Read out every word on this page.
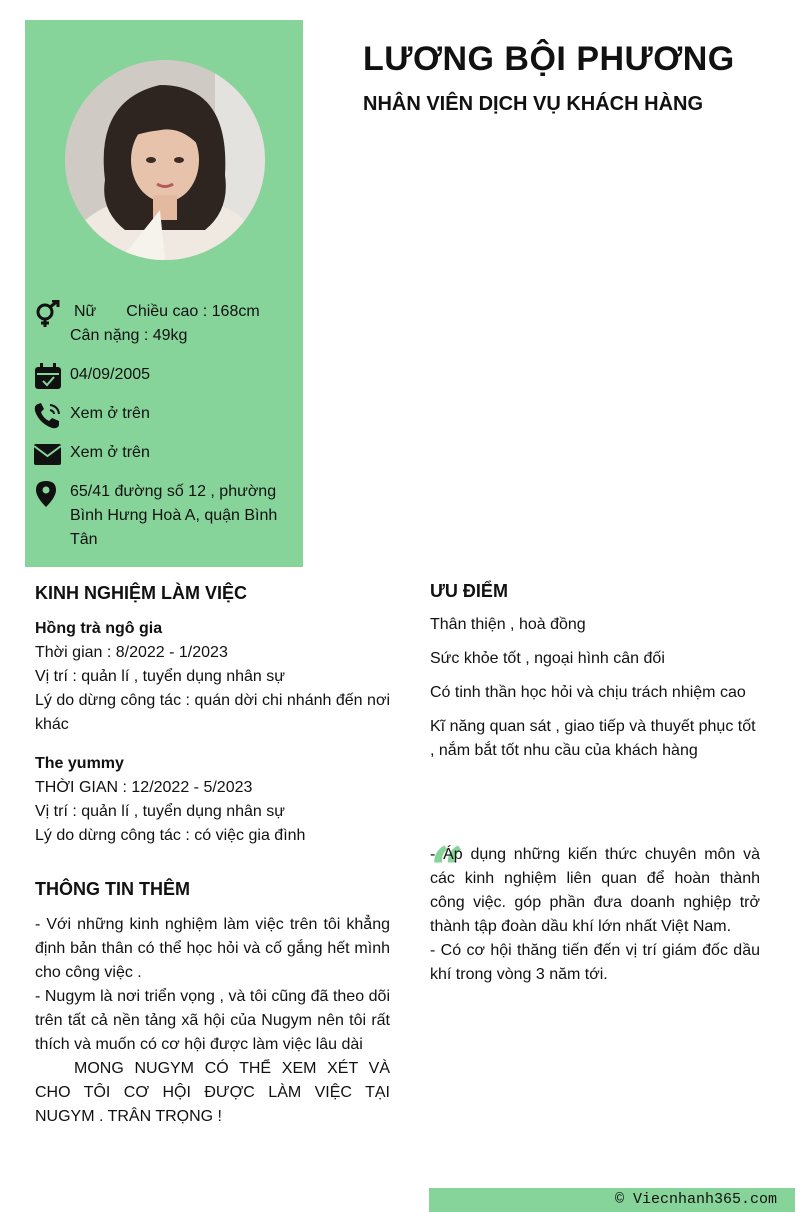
Nữ Chiều cao : 168cm
Cân nặng : 49kg
04/09/2005
Xem ở trên
Xem ở trên
65/41 đường số 12 , phường Bình Hưng Hoà A, quận Bình Tân
LƯƠNG BỘI PHƯƠNG
NHÂN VIÊN DỊCH VỤ KHÁCH HÀNG
KINH NGHIỆM LÀM VIỆC
Hồng trà ngô gia
Thời gian : 8/2022 - 1/2023
Vị trí : quản lí , tuyển dụng nhân sự
Lý do dừng công tác : quán dời chi nhánh đến nơi khác
The yummy
THỜI GIAN : 12/2022 - 5/2023
Vị trí : quản lí , tuyển dụng nhân sự
Lý do dừng công tác : có việc gia đình
THÔNG TIN THÊM
- Với những kinh nghiệm làm việc trên tôi khẳng định bản thân có thể học hỏi và cố gắng hết mình cho công việc .
- Nugym là nơi triển vọng , và tôi cũng đã theo dõi trên tất cả nền tảng xã hội của Nugym nên tôi rất thích và muốn có cơ hội được làm việc lâu dài
MONG NUGYM CÓ THỂ XEM XÉT VÀ CHO TÔI CƠ HỘI ĐƯỢC LÀM VIỆC TẠI NUGYM . TRÂN TRỌNG !
ƯU ĐIỂM

Thân thiện , hoà đồng

Sức khỏe tốt , ngoại hình cân đối

Có tinh thần học hỏi và chịu trách nhiệm cao

Kĩ năng quan sát , giao tiếp và thuyết phục tốt , nắm bắt tốt nhu cầu của khách hàng

“
- Áp dụng những kiến thức chuyên môn và các kinh nghiệm liên quan để hoàn thành công việc. góp phần đưa doanh nghiệp trở thành tập đoàn dầu khí lớn nhất Việt Nam.
- Có cơ hội thăng tiến đến vị trí giám đốc dầu khí trong vòng 3 năm tới.
© Viecnhanh365.com
